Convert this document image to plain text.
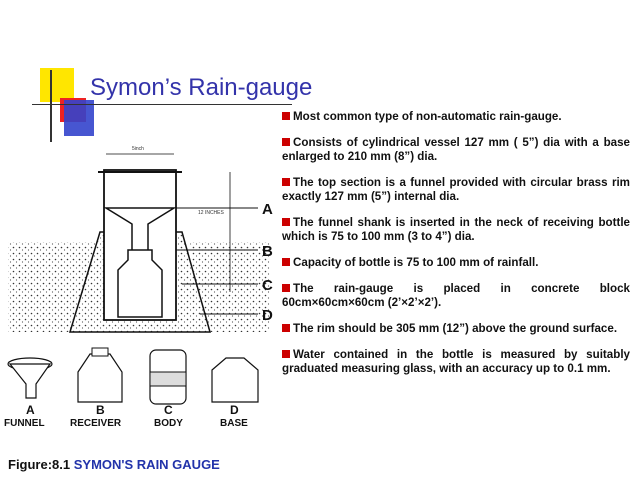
Symon’s Rain-gauge
Most common type of non-automatic rain-gauge.
Consists of cylindrical vessel 127 mm ( 5”) dia with a base enlarged to 210 mm (8”) dia.
The top section is a funnel provided with circular brass rim exactly 127 mm (5”) internal dia.
The funnel shank is inserted in the neck of receiving bottle which is 75 to 100 mm (3 to 4”) dia.
Capacity of bottle is 75 to 100 mm of rainfall.
The rain-gauge is placed in concrete block 60cm×60cm×60cm (2’×2’×2’).
The rim should be 305 mm (12”) above the ground surface.
Water contained in the bottle is measured by suitably graduated measuring glass, with an accuracy up to 0.1 mm.
5inch
12 INCHES	A
B
C
D
A	B	C	D
FUNNEL	RECEIVER	BODY	BASE
Figure:8.1 SYMON'S RAIN GAUGE
